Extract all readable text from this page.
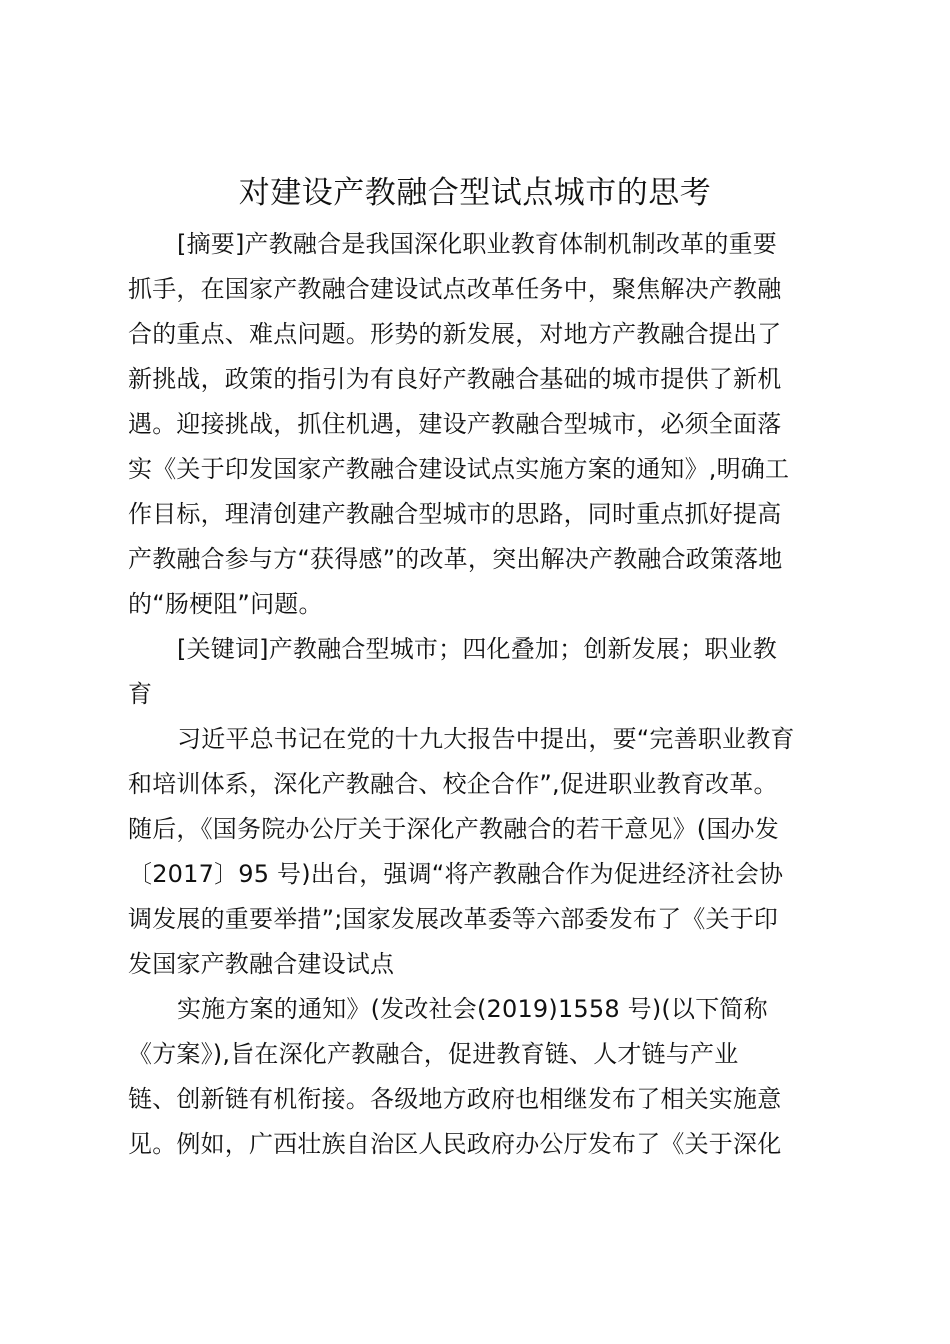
对建设产教融合型试点城市的思考
[摘要]产教融合是我国深化职业教育体制机制改革的重要
抓手，在国家产教融合建设试点改革任务中，聚焦解决产教融
合的重点、难点问题。形势的新发展，对地方产教融合提出了
新挑战，政策的指引为有良好产教融合基础的城市提供了新机
遇。迎接挑战，抓住机遇，建设产教融合型城市，必须全面落
实《关于印发国家产教融合建设试点实施方案的通知》,明确工
作目标，理清创建产教融合型城市的思路，同时重点抓好提高
产教融合参与方“获得感”的改革，突出解决产教融合政策落地
的“肠梗阻”问题。
[关键词]产教融合型城市；四化叠加；创新发展；职业教
育
习近平总书记在党的十九大报告中提出，要“完善职业教育
和培训体系，深化产教融合、校企合作”,促进职业教育改革。
随后，《国务院办公厅关于深化产教融合的若干意见》(国办发
〔2017〕95 号)出台，强调“将产教融合作为促进经济社会协
调发展的重要举措”;国家发展改革委等六部委发布了《关于印
发国家产教融合建设试点
实施方案的通知》(发改社会(2019)1558 号)(以下简称
《方案》),旨在深化产教融合，促进教育链、人才链与产业
链、创新链有机衔接。各级地方政府也相继发布了相关实施意
见。例如，广西壮族自治区人民政府办公厅发布了《关于深化
